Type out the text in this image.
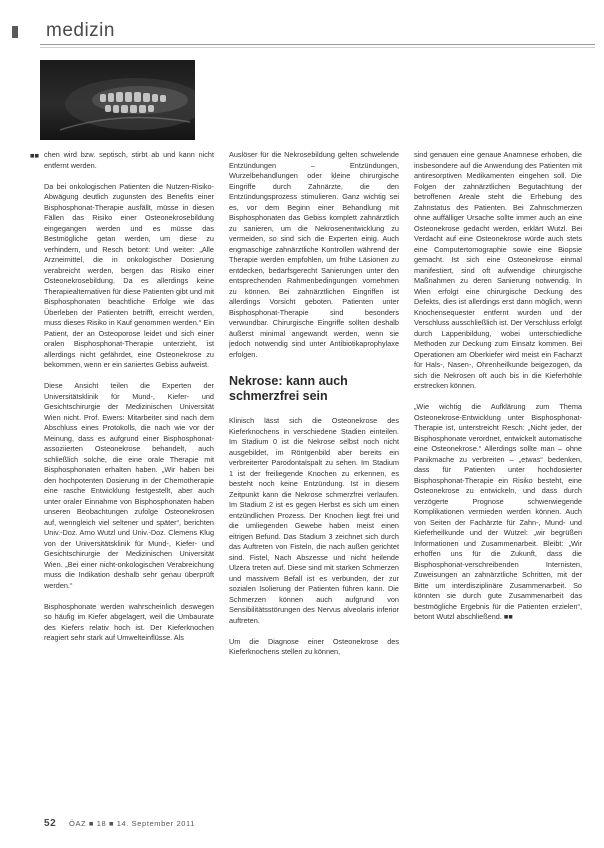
medizin
■■ chen wird bzw. septisch, stirbt ab und kann nicht entfernt werden.

Da bei onkologischen Patienten die Nutzen-Risiko-Abwägung deutlich zugunsten des Benefits einer Bisphosphonat-Therapie ausfällt, müsse in diesen Fällen das Risiko einer Osteonekrosebildung eingegangen werden und es müsse das Bestmögliche getan werden, um diese zu verhindern, und Resch betont: Und weiter: „Alle Arzneimittel, die in onkologischer Dosierung verabreicht werden, bergen das Risiko einer Osteonekrosebildung. Da es allerdings keine Therapiealternativen für diese Patienten gibt und mit Bisphosphonaten beachtliche Erfolge wie das Überleben der Patienten betrifft, erreicht werden, muss dieses Risiko in Kauf genommen werden.“ Ein Patient, der an Osteoporose leidet und sich einer oralen Bisphosphonat-Therapie unterzieht, ist allerdings nicht gefährdet, eine Osteonekrose zu bekommen, wenn er ein saniertes Gebiss aufweist.

Diese Ansicht teilen die Experten der Universitätsklinik für Mund-, Kiefer- und Gesichtschirurgie der Medizinischen Universität Wien nicht. Prof. Ewers: Mitarbeiter sind nach dem Abschluss eines Protokolls, die nach wie vor der Meinung, dass es aufgrund einer Bisphosphonat-assoziierten Osteonekrose behandelt, auch schließlich solche, die eine orale Therapie mit Bisphosphonaten erhalten haben. „Wir haben bei den hochpotenten Dosierung in der Chemotherapie eine rasche Entwicklung festgestellt, aber auch unter oraler Einnahme von Bisphosphonaten haben unseren Beobachtungen zufolge Osteonekrosen auf, wenngleich viel seltener und später“, berichten Univ.-Doz. Arno Wutzl und Univ.-Doz. Clemens Klug von der Universitätsklinik für Mund-, Kiefer- und Gesichtschirurgie der Medizinischen Universität Wien. „Bei einer nicht-onkologischen Verabreichung muss die Indikation deshalb sehr genau überprüft werden.“

Bisphosphonate werden wahrscheinlich deswegen so häufig im Kiefer abgelagert, weil die Umbaurate des Kiefers relativ hoch ist. Der Kieferknochen reagiert sehr stark auf Umwelteinflüsse. Als

Auslöser für die Nekrosebildung gelten schwelende Entzündungen – Entzündungen, Wurzelbehandlungen oder kleine chirurgische Eingriffe durch Zahnärzte, die den Entzündungsprozess stimulieren. Ganz wichtig sei es, vor dem Beginn einer Behandlung mit Bisphosphonaten das Gebiss komplett zahnärztlich zu sanieren, um die Nekrosenentwicklung zu vermeiden, so sind sich die Experten einig. Auch engmaschige zahnärztliche Kontrollen während der Therapie werden empfohlen, um frühe Läsionen zu entdecken, bedarfsgerecht Sanierungen unter den entsprechenden Rahmenbedingungen vornehmen zu können. Bei zahnärztlichen Eingriffen ist allerdings Vorsicht geboten. Patienten unter Bisphosphonat-Therapie sind besonders verwundbar. Chirurgische Eingriffe sollten deshalb äußerst minimal angewandt werden, wenn sie jedoch notwendig sind unter Antibiotikaprophylaxe erfolgen.

Nekrose: kann auch schmerzfrei sein

Klinisch lässt sich die Osteonekrose des Kieferknochens in verschiedene Stadien einteilen. Im Stadium 0 ist die Nekrose selbst noch nicht ausgebildet, im Röntgenbild aber bereits ein verbreiterter Parodontalspalt zu sehen. Im Stadium 1 ist der freiliegende Knochen zu erkennen, es besteht noch keine Entzündung. Ist in diesem Zeitpunkt kann die Nekrose schmerzfrei verlaufen. Im Stadium 2 ist es gegen Herbst es sich um einen entzündlichen Prozess. Der Knochen liegt frei und die umliegenden Gewebe haben meist einen eitrigen Befund. Das Stadium 3 zeichnet sich durch das Auftreten von Fisteln, die nach außen gerichtet sind. Fistel, Nach Abszesse und nicht heilende Ulzera treten auf. Diese sind mit starken Schmerzen und massivem Befall ist es verbunden, der zur sozialen Isolierung der Patienten führen kann. Die Schmerzen können auch aufgrund von Sensibilitätsstörungen des Nervus alveolaris inferior auftreten.

Um die Diagnose einer Osteonekrose des Kieferknochens stellen zu können,

sind genauen eine genaue Anamnese erhoben, die insbesondere auf die Anwendung des Patienten mit antiresorptiven Medikamenten eingehen soll. Die Folgen der zahnärztlichen Begutachtung der betroffenen Areale steht die Erhebung des Zahnstatus des Patienten. Bei Zahnschmerzen ohne auffälliger Ursache sollte immer auch an eine Osteonekrose gedacht werden, erklärt Wutzl. Bei Verdacht auf eine Osteonekrose würde auch stets eine Computertomographie sowie eine Biopsie gemacht. Ist sich eine Osteonekrose einmal manifestiert, sind oft aufwendige chirurgische Maßnahmen zu deren Sanierung notwendig. In Wien erfolgt eine chirurgische Deckung des Defekts, dies ist allerdings erst dann möglich, wenn Knochensequester entfernt wurden und der Verschluss ausschließlich ist. Der Verschluss erfolgt durch Lappenbildung, wobei unterschiedliche Methoden zur Deckung zum Einsatz kommen. Bei Operationen am Oberkiefer wird meist ein Facharzt für Hals-, Nasen-, Ohrenheilkunde beigezogen, da sich die Nekrosen oft auch bis in die Kieferhöhle erstrecken können.

„Wie wichtig die Aufklärung zum Thema Osteonekrose-Entwicklung unter Bisphosphonat-Therapie ist, unterstreicht Resch: „Nicht jeder, der Bisphosphonate verordnet, entwickelt automatische eine Osteonekrose.“ Allerdings sollte man – ohne Panikmache zu verbreiten – „etwas“ bedenken, dass für Patienten unter hochdosierter Bisphosphonat-Therapie ein Risiko besteht, eine Osteonekrose zu entwickeln, und dass durch verzögerte Prognose schwerwiegende Komplikationen vermieden werden können. Auch von Seiten der Fachärzte für Zahn-, Mund- und Kieferheilkunde und der Wutzel: „wir begrüßen Informationen und Zusammenarbeit. Bleibt: „Wir erhoffen uns für die Zukunft, dass die Bisphosphonat-verschreibenden Internisten, Zuweisungen an zahnärztliche Schritten, mit der Bitte um interdisziplinäre Zusammenarbeit. So könnten sie durch gute Zusammenarbeit das bestmögliche Ergebnis für die Patienten erzielen“, betont Wutzl abschließend. ■■

52 ÖAZ ■ 18 ■ 14. September 2011
